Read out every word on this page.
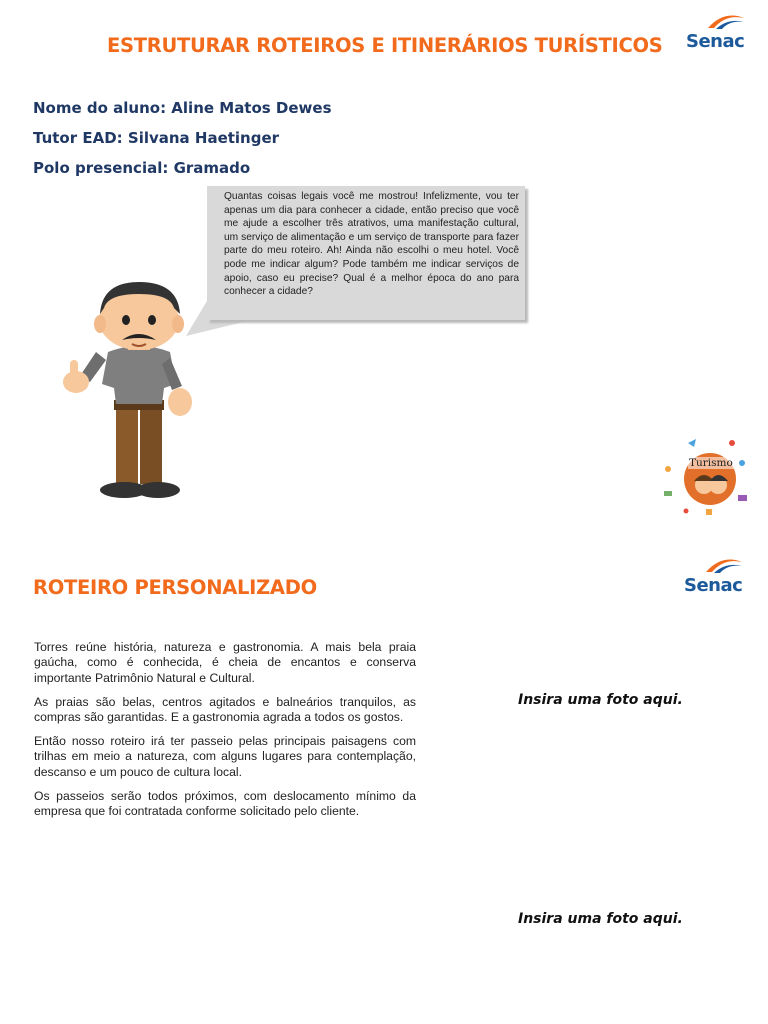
ESTRUTURAR ROTEIROS E ITINERÁRIOS TURÍSTICOS Senac
Nome do aluno: Aline Matos Dewes
Tutor EAD: Silvana Haetinger
Polo presencial: Gramado
Quantas coisas legais você me mostrou! Infelizmente, vou ter apenas um dia para conhecer a cidade, então preciso que você me ajude a escolher três atrativos, uma manifestação cultural, um serviço de alimentação e um serviço de transporte para fazer parte do meu roteiro. Ah! Ainda não escolhi o meu hotel. Você pode me indicar algum? Pode também me indicar serviços de apoio, caso eu precise? Qual é a melhor época do ano para conhecer a cidade?
Turismo
ROTEIRO PERSONALIZADO	Senac
Torres reúne história, natureza e gastronomia. A mais bela praia gaúcha, como é conhecida, é cheia de encantos e conserva importante Patrimônio Natural e Cultural.
As praias são belas, centros agitados e balneários tranquilos, as compras são garantidas. E a gastronomia agrada a todos os gostos.
Então nosso roteiro irá ter passeio pelas principais paisagens com trilhas em meio a natureza, com alguns lugares para contemplação, descanso e um pouco de cultura local.
Os passeios serão todos próximos, com deslocamento mínimo da empresa que foi contratada conforme solicitado pelo cliente.
Insira uma foto aqui.
Insira uma foto aqui.
